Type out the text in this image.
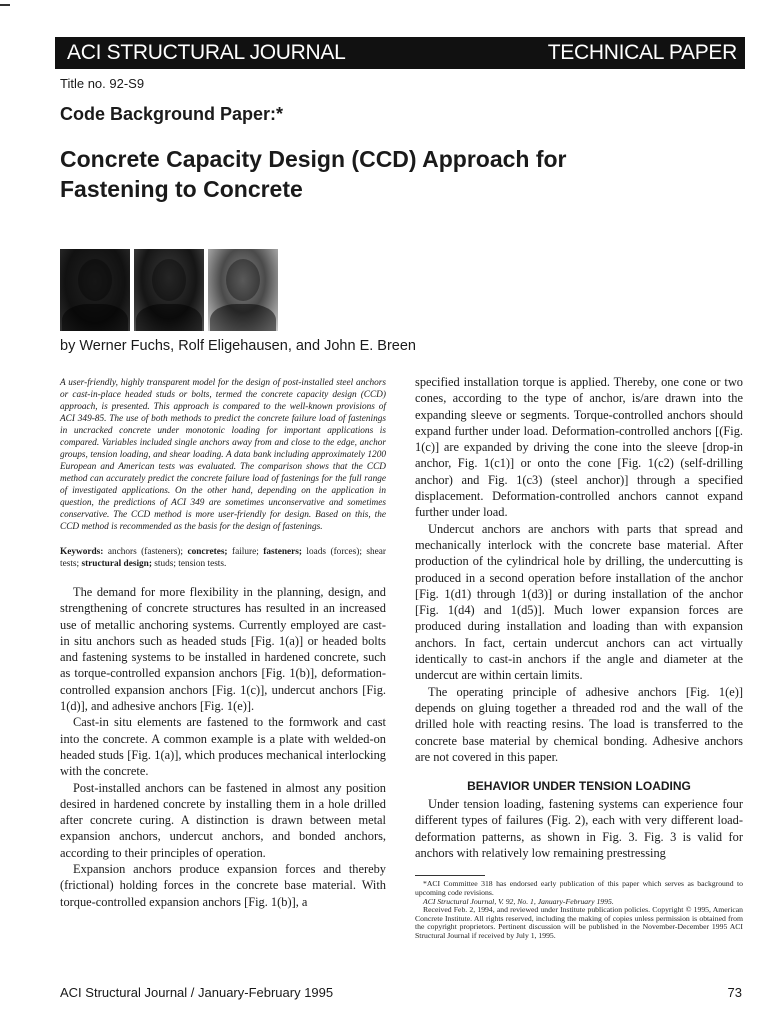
ACI STRUCTURAL JOURNAL	TECHNICAL PAPER
Title no. 92-S9
Code Background Paper:*
Concrete Capacity Design (CCD) Approach for Fastening to Concrete
by Werner Fuchs, Rolf Eligehausen, and John E. Breen

A user-friendly, highly transparent model for the design of post-installed steel anchors or cast-in-place headed studs or bolts, termed the concrete capacity design (CCD) approach, is presented. This approach is compared to the well-known provisions of ACI 349-85. The use of both methods to predict the concrete failure load of fastenings in uncracked concrete under monotonic loading for important applications is compared. Variables included single anchors away from and close to the edge, anchor groups, tension loading, and shear loading. A data bank including approximately 1200 European and American tests was evaluated. The comparison shows that the CCD method can accurately predict the concrete failure load of fastenings for the full range of investigated applications. On the other hand, depending on the application in question, the predictions of ACI 349 are sometimes unconservative and sometimes conservative. The CCD method is more user-friendly for design. Based on this, the CCD method is recommended as the basis for the design of fastenings.

Keywords: anchors (fasteners); concretes; failure; fasteners; loads (forces); shear tests; structural design; studs; tension tests.

The demand for more flexibility in the planning, design, and strengthening of concrete structures has resulted in an increased use of metallic anchoring systems. Currently employed are cast-in situ anchors such as headed studs [Fig. 1(a)] or headed bolts and fastening systems to be installed in hardened concrete, such as torque-controlled expansion anchors [Fig. 1(b)], deformation-controlled expansion anchors [Fig. 1(c)], undercut anchors [Fig. 1(d)], and adhesive anchors [Fig. 1(e)].

Cast-in situ elements are fastened to the formwork and cast into the concrete. A common example is a plate with welded-on headed studs [Fig. 1(a)], which produces mechanical interlocking with the concrete.

Post-installed anchors can be fastened in almost any position desired in hardened concrete by installing them in a hole drilled after concrete curing. A distinction is drawn between metal expansion anchors, undercut anchors, and bonded anchors, according to their principles of operation.

Expansion anchors produce expansion forces and thereby (frictional) holding forces in the concrete base material. With torque-controlled expansion anchors [Fig. 1(b)], a

specified installation torque is applied. Thereby, one cone or two cones, according to the type of anchor, is/are drawn into the expanding sleeve or segments. Torque-controlled anchors should expand further under load. Deformation-controlled anchors [(Fig. 1(c)] are expanded by driving the cone into the sleeve [drop-in anchor, Fig. 1(c1)] or onto the cone [Fig. 1(c2) (self-drilling anchor) and Fig. 1(c3) (steel anchor)] through a specified displacement. Deformation-controlled anchors cannot expand further under load.

Undercut anchors are anchors with parts that spread and mechanically interlock with the concrete base material. After production of the cylindrical hole by drilling, the undercutting is produced in a second operation before installation of the anchor [Fig. 1(d1) through 1(d3)] or during installation of the anchor [Fig. 1(d4) and 1(d5)]. Much lower expansion forces are produced during installation and loading than with expansion anchors. In fact, certain undercut anchors can act virtually identically to cast-in anchors if the angle and diameter at the undercut are within certain limits.

The operating principle of adhesive anchors [Fig. 1(e)] depends on gluing together a threaded rod and the wall of the drilled hole with reacting resins. The load is transferred to the concrete base material by chemical bonding. Adhesive anchors are not covered in this paper.

BEHAVIOR UNDER TENSION LOADING

Under tension loading, fastening systems can experience four different types of failures (Fig. 2), each with very different load-deformation patterns, as shown in Fig. 3. Fig. 3 is valid for anchors with relatively low remaining prestressing

*ACI Committee 318 has endorsed early publication of this paper which serves as background to upcoming code revisions.

ACI Structural Journal, V. 92, No. 1, January-February 1995.

Received Feb. 2, 1994, and reviewed under Institute publication policies. Copyright © 1995, American Concrete Institute. All rights reserved, including the making of copies unless permission is obtained from the copyright proprietors. Pertinent discussion will be published in the November-December 1995 ACI Structural Journal if received by July 1, 1995.

ACI Structural Journal / January-February 1995	73
